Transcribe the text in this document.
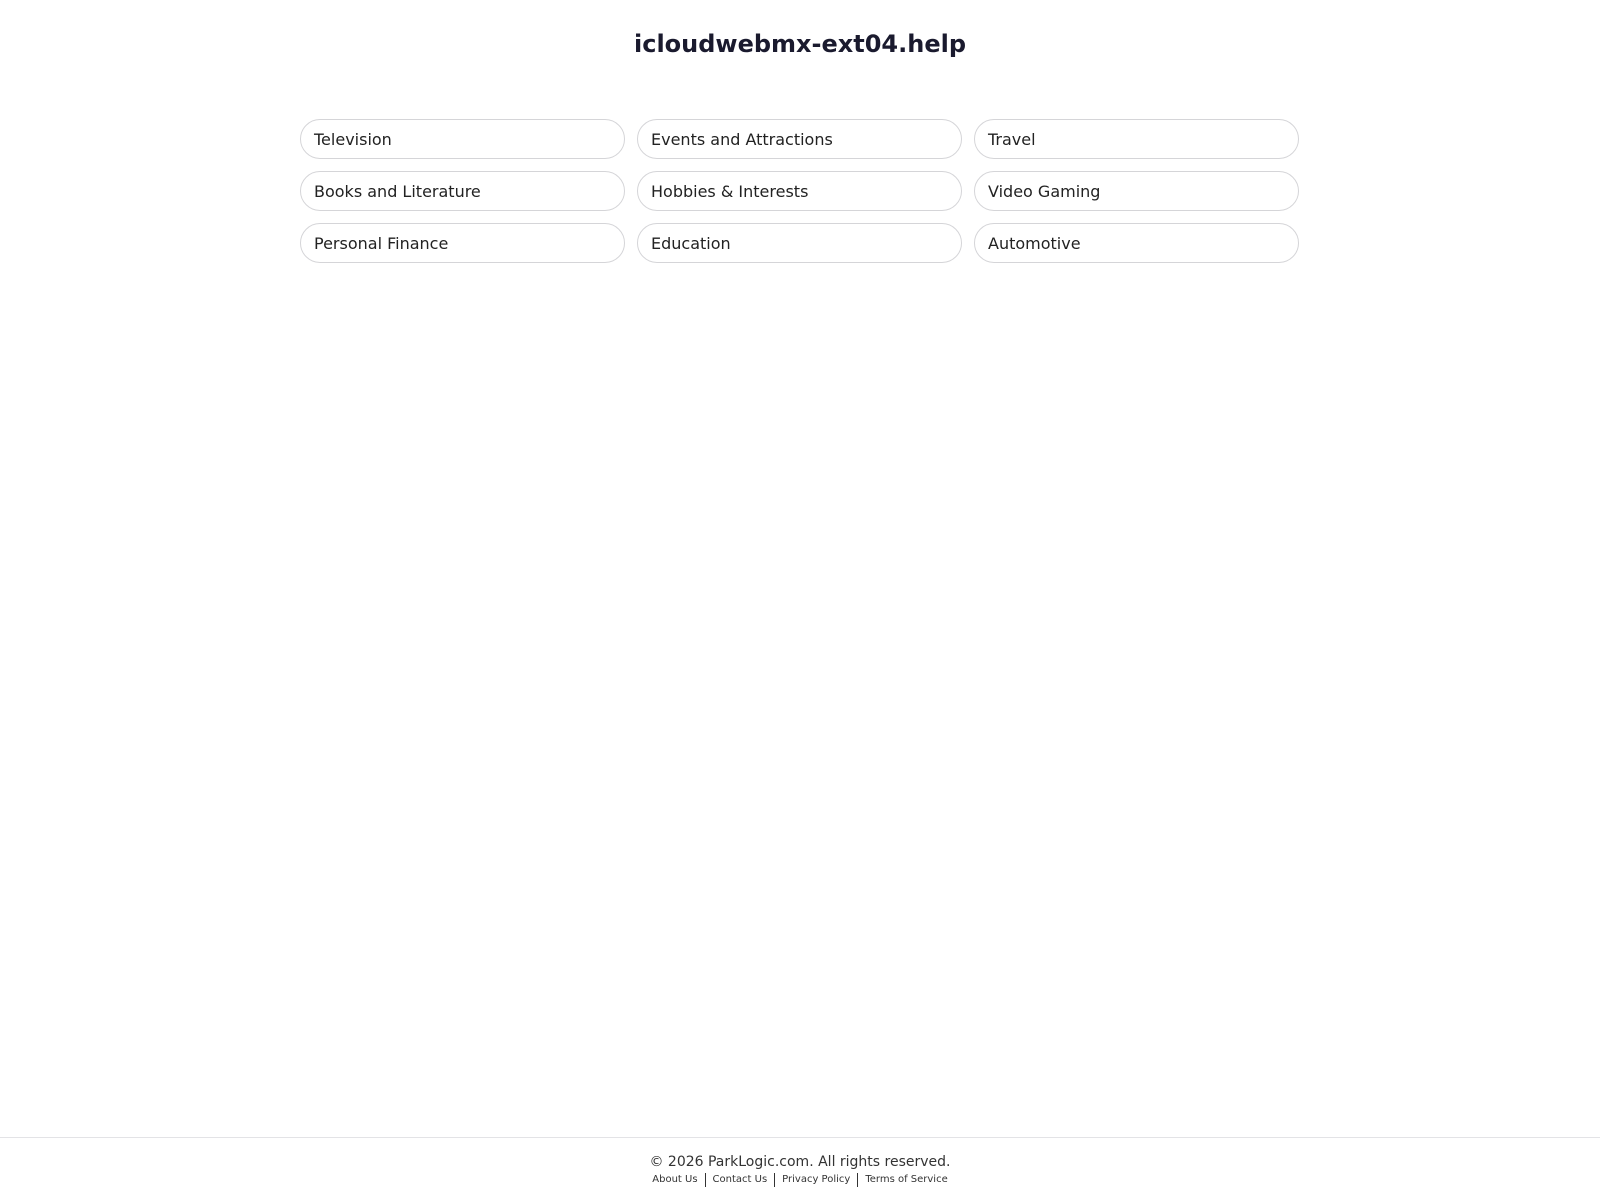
icloudwebmx-ext04.help
Television	Events and Attractions	Travel
Books and Literature	Hobbies & Interests	Video Gaming
Personal Finance	Education	Automotive
© 2026 ParkLogic.com. All rights reserved.
About Us	Contact Us	Privacy Policy	Terms of Service
